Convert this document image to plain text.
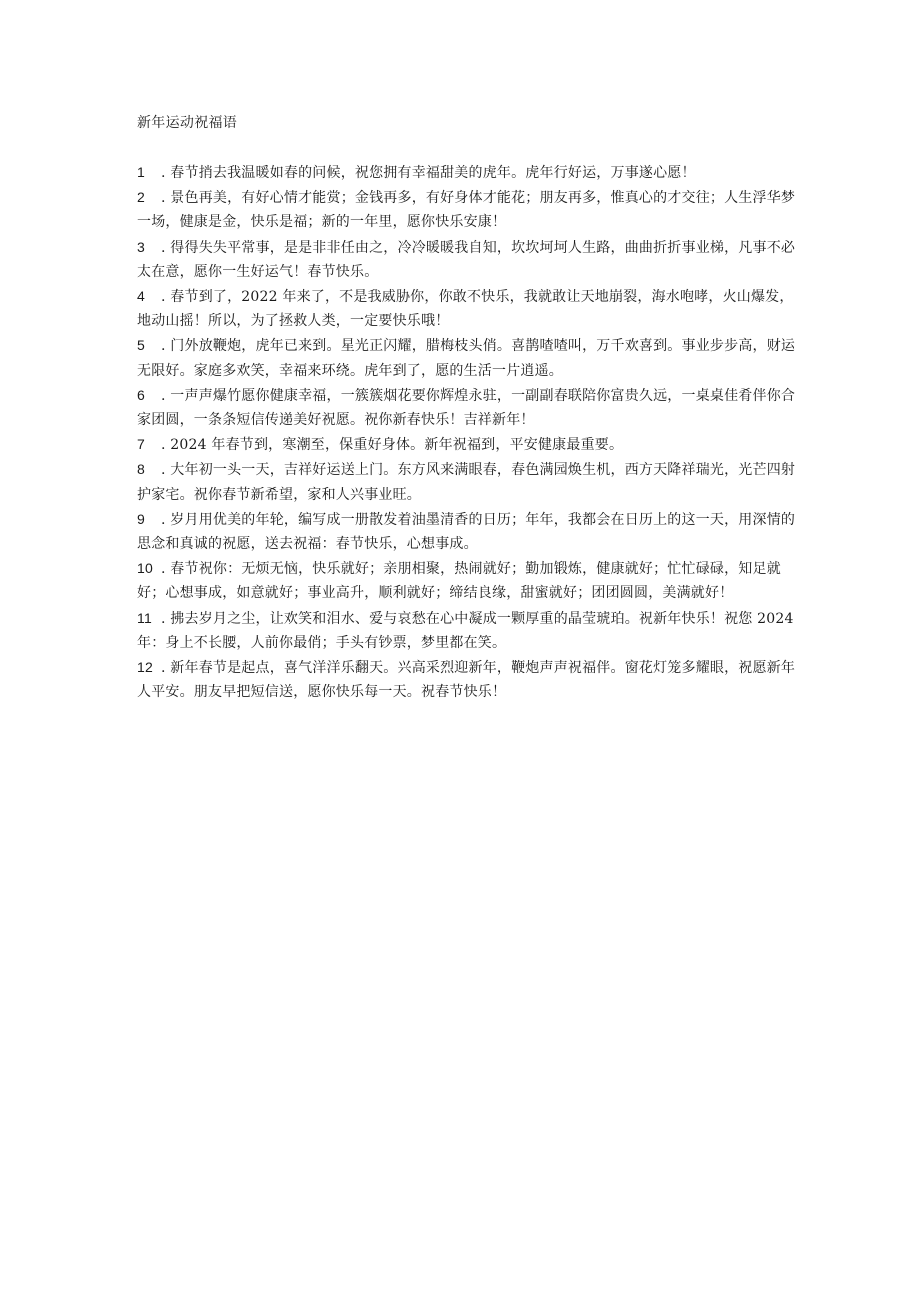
新年运动祝福语
1 . 春节捎去我温暖如春的问候，祝您拥有幸福甜美的虎年。虎年行好运，万事遂心愿！
2 . 景色再美，有好心情才能赏；金钱再多，有好身体才能花；朋友再多，惟真心的才交往；人生浮华梦一场，健康是金，快乐是福；新的一年里，愿你快乐安康！
3 . 得得失失平常事，是是非非任由之，冷冷暖暖我自知，坎坎坷坷人生路，曲曲折折事业梯，凡事不必太在意，愿你一生好运气！春节快乐。
4 . 春节到了，2022 年来了，不是我威胁你，你敢不快乐，我就敢让天地崩裂，海水咆哮，火山爆发，地动山摇！所以，为了拯救人类，一定要快乐哦！
5 . 门外放鞭炮，虎年已来到。星光正闪耀，腊梅枝头俏。喜鹊喳喳叫，万千欢喜到。事业步步高，财运无限好。家庭多欢笑，幸福来环绕。虎年到了，愿的生活一片逍遥。
6 . 一声声爆竹愿你健康幸福，一簇簇烟花要你辉煌永驻，一副副春联陪你富贵久远，一桌桌佳肴伴你合家团圆，一条条短信传递美好祝愿。祝你新春快乐！吉祥新年！
7 . 2024 年春节到，寒潮至，保重好身体。新年祝福到，平安健康最重要。
8 . 大年初一头一天，吉祥好运送上门。东方风来满眼春，春色满园焕生机，西方天降祥瑞光，光芒四射护家宅。祝你春节新希望，家和人兴事业旺。
9 . 岁月用优美的年轮，编写成一册散发着油墨清香的日历；年年，我都会在日历上的这一天，用深情的思念和真诚的祝愿，送去祝福：春节快乐，心想事成。
10 . 春节祝你：无烦无恼，快乐就好；亲朋相聚，热闹就好；勤加锻炼，健康就好；忙忙碌碌，知足就好；心想事成，如意就好；事业高升，顺利就好；缔结良缘，甜蜜就好；团团圆圆，美满就好！
11 . 拂去岁月之尘，让欢笑和泪水、爱与哀愁在心中凝成一颗厚重的晶莹琥珀。祝新年快乐！祝您 2024 年：身上不长腰，人前你最俏；手头有钞票，梦里都在笑。
12 . 新年春节是起点，喜气洋洋乐翻天。兴高采烈迎新年，鞭炮声声祝福伴。窗花灯笼多耀眼，祝愿新年人平安。朋友早把短信送，愿你快乐每一天。祝春节快乐！
